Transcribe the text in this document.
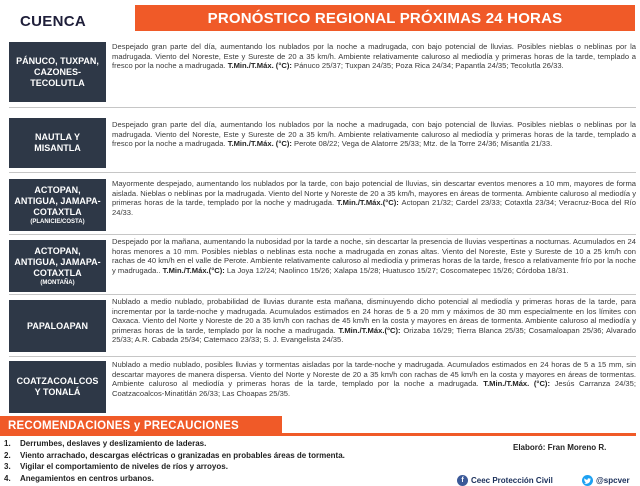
CUENCA	PRONÓSTICO REGIONAL PRÓXIMAS 24 HORAS
PÁNUCO, TUXPAN,
CAZONES-
TECOLUTLA
Despejado gran parte del día, aumentando los nublados por la noche a madrugada, con bajo potencial de lluvias. Posibles nieblas o neblinas por la madrugada. Viento del Noreste, Este y Sureste de 20 a 35 km/h. Ambiente relativamente caluroso al mediodía y primeras horas de la tarde, templado a fresco por la noche a madrugada. T.Min./T.Máx. (°C): Pánuco 25/37; Tuxpan 24/35; Poza Rica 24/34; Papantla 24/35; Tecolutla 26/33.
NAUTLA Y
MISANTLA
Despejado gran parte del día, aumentando los nublados por la noche a madrugada, con bajo potencial de lluvias. Posibles nieblas o neblinas por la madrugada. Viento del Noreste, Este y Sureste de 20 a 35 km/h. Ambiente relativamente caluroso al mediodía y primeras horas de la tarde, templado a fresco por la noche a madrugada. T.Min./T.Máx. (°C): Perote 08/22; Vega de Alatorre 25/33; Mtz. de la Torre 24/36; Misantla 21/33.
ACTOPAN,
ANTIGUA, JAMAPA-
COTAXTLA
(PLANICIE/COSTA)
Mayormente despejado, aumentando los nublados por la tarde, con bajo potencial de lluvias, sin descartar eventos menores a 10 mm, mayores de forma aislada. Nieblas o neblinas por la madrugada. Viento del Norte y Noreste de 20 a 35 km/h, mayores en áreas de tormenta. Ambiente caluroso al mediodía y primeras horas de la tarde, templado por la noche y madrugada. T.Min./T.Máx.(°C): Actopan 21/32; Cardel 23/33; Cotaxtla 23/34; Veracruz-Boca del Río 24/33.
ACTOPAN,
ANTIGUA, JAMAPA-
COTAXTLA
(MONTAÑA)
Despejado por la mañana, aumentando la nubosidad por la tarde a noche, sin descartar la presencia de lluvias vespertinas a nocturnas. Acumulados en 24 horas menores a 10 mm. Posibles nieblas o neblinas esta noche a madrugada en zonas altas. Viento del Noreste, Este y Sureste de 10 a 25 km/h con rachas de 40 km/h en el valle de Perote. Ambiente relativamente caluroso al mediodía y primeras horas de la tarde, fresco a relativamente frío por la noche y madrugada.. T.Min./T.Máx.(°C): La Joya 12/24; Naolinco 15/26; Xalapa 15/28; Huatusco 15/27; Coscomatepec 15/26; Córdoba 18/31.
PAPALOAPAN
Nublado a medio nublado, probabilidad de lluvias durante esta mañana, disminuyendo dicho potencial al mediodía y primeras horas de la tarde, para incrementar por la tarde-noche y madrugada. Acumulados estimados en 24 horas de 5 a 20 mm y máximos de 30 mm especialmente en los límites con Oaxaca. Viento del Norte y Noreste de 20 a 35 km/h con rachas de 45 km/h en la costa y mayores en áreas de tormenta. Ambiente caluroso al mediodía y primeras horas de la tarde, templado por la noche a madrugada. T.Min./T.Máx.(°C): Orizaba 16/29; Tierra Blanca 25/35; Cosamaloapan 25/36; Alvarado 25/33; A.R. Cabada 25/34; Catemaco 23/33; S. J. Evangelista 24/35.
COATZACOALCOS
Y TONALÁ
Nublado a medio nublado, posibles lluvias y tormentas aisladas por la tarde-noche y madrugada. Acumulados estimados en 24 horas de 5 a 15 mm, sin descartar mayores de manera dispersa. Viento del Norte y Noreste de 20 a 35 km/h con rachas de 45 km/h en la costa y mayores en áreas de tormentas. Ambiente caluroso al mediodía y primeras horas de la tarde, templado por la noche a madrugada. T.Min./T.Máx. (°C): Jesús Carranza 24/35; Coatzacoalcos-Minatitlán 26/33; Las Choapas 25/35.
RECOMENDACIONES y PRECAUCIONES
1.	Derrumbes, deslaves y deslizamiento de laderas.
2.	Viento arrachado, descargas eléctricas o granizadas en probables áreas de tormenta.
3.	Vigilar el comportamiento de niveles de ríos y arroyos.
4.	Anegamientos en centros urbanos.
Elaboró: Fran Moreno R.
f Ceec Protección Civil	@spcver
